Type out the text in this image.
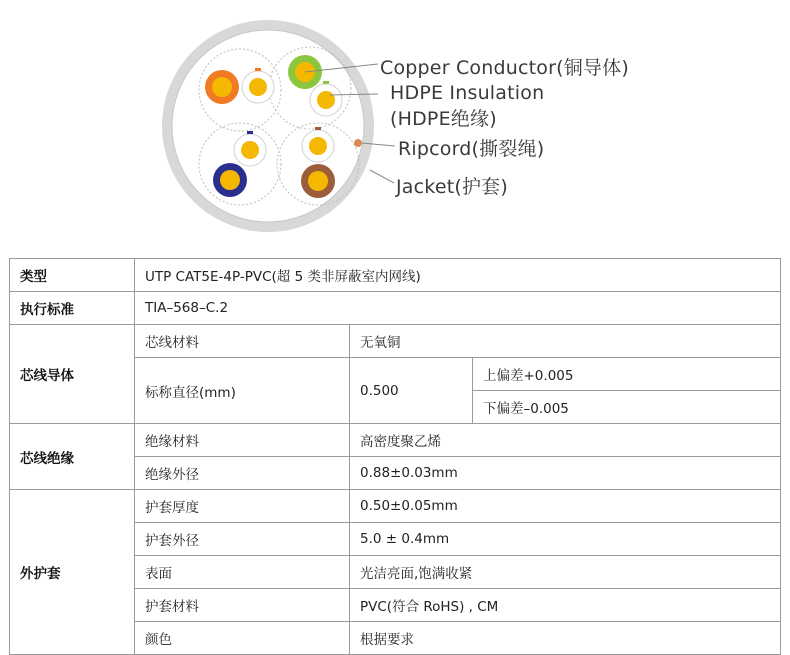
Copper Conductor(铜导体)
HDPE Insulation
(HDPE绝缘)
Ripcord(撕裂绳)
Jacket(护套)
类型	UTP CAT5E-4P-PVC(超 5 类非屏蔽室内网线)		
执行标准	TIA–568–C.2		
芯线导体	芯线材料	无氧铜	
	标称直径(mm)	0.500	上偏差+0.005
			下偏差–0.005
芯线绝缘	绝缘材料	高密度聚乙烯	
	绝缘外径	0.88±0.03mm	
外护套	护套厚度	0.50±0.05mm	
	护套外径	5.0 ± 0.4mm	
	表面	光洁亮面,饱满收紧	
	护套材料	PVC(符合 RoHS) , CM	
	颜色	根据要求	
